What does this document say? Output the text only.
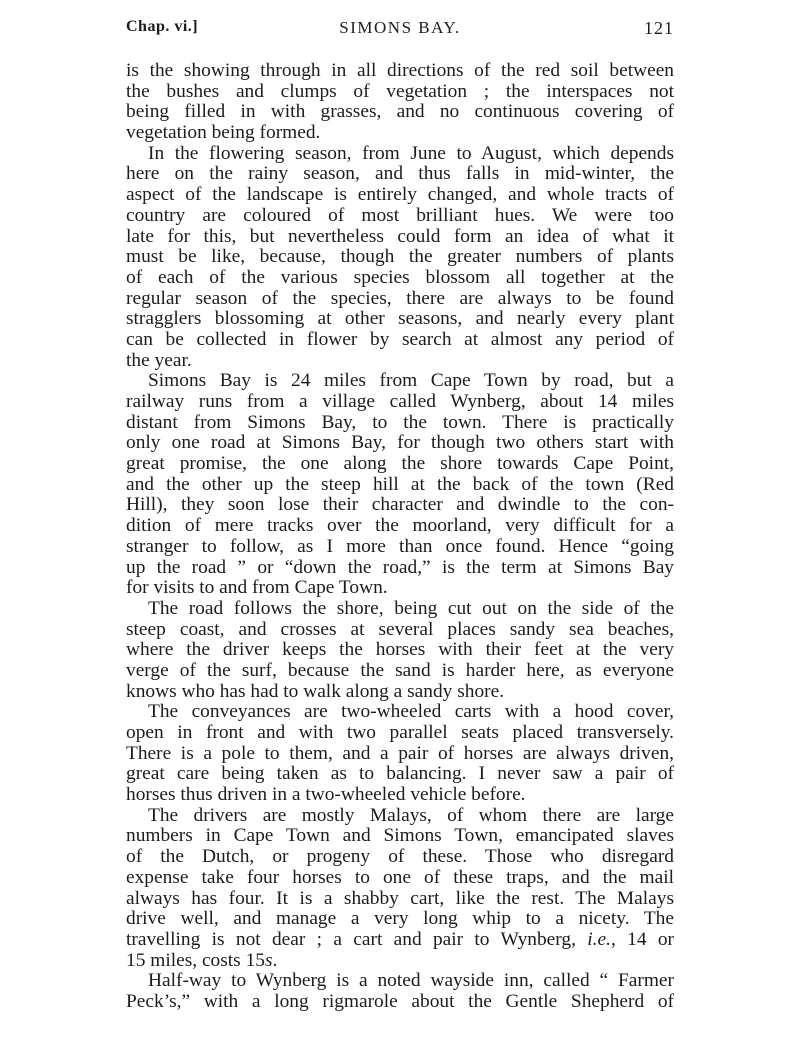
Chap. vi.]	SIMONS BAY.	121
is the showing through in all directions of the red soil between
the bushes and clumps of vegetation ; the interspaces not
being filled in with grasses, and no continuous covering of
vegetation being formed.
In the flowering season, from June to August, which depends
here on the rainy season, and thus falls in mid-winter, the
aspect of the landscape is entirely changed, and whole tracts of
country are coloured of most brilliant hues. We were too
late for this, but nevertheless could form an idea of what it
must be like, because, though the greater numbers of plants
of each of the various species blossom all together at the
regular season of the species, there are always to be found
stragglers blossoming at other seasons, and nearly every plant
can be collected in flower by search at almost any period of
the year.
Simons Bay is 24 miles from Cape Town by road, but a
railway runs from a village called Wynberg, about 14 miles
distant from Simons Bay, to the town. There is practically
only one road at Simons Bay, for though two others start with
great promise, the one along the shore towards Cape Point,
and the other up the steep hill at the back of the town (Red
Hill), they soon lose their character and dwindle to the con-
dition of mere tracks over the moorland, very difficult for a
stranger to follow, as I more than once found. Hence “going
up the road ” or “down the road,” is the term at Simons Bay
for visits to and from Cape Town.
The road follows the shore, being cut out on the side of the
steep coast, and crosses at several places sandy sea beaches,
where the driver keeps the horses with their feet at the very
verge of the surf, because the sand is harder here, as everyone
knows who has had to walk along a sandy shore.
The conveyances are two-wheeled carts with a hood cover,
open in front and with two parallel seats placed transversely.
There is a pole to them, and a pair of horses are always driven,
great care being taken as to balancing. I never saw a pair of
horses thus driven in a two-wheeled vehicle before.
The drivers are mostly Malays, of whom there are large
numbers in Cape Town and Simons Town, emancipated slaves
of the Dutch, or progeny of these. Those who disregard
expense take four horses to one of these traps, and the mail
always has four. It is a shabby cart, like the rest. The Malays
drive well, and manage a very long whip to a nicety. The
travelling is not dear ; a cart and pair to Wynberg, i.e., 14 or
15 miles, costs 15s.
Half-way to Wynberg is a noted wayside inn, called “ Farmer
Peck’s,” with a long rigmarole about the Gentle Shepherd of
